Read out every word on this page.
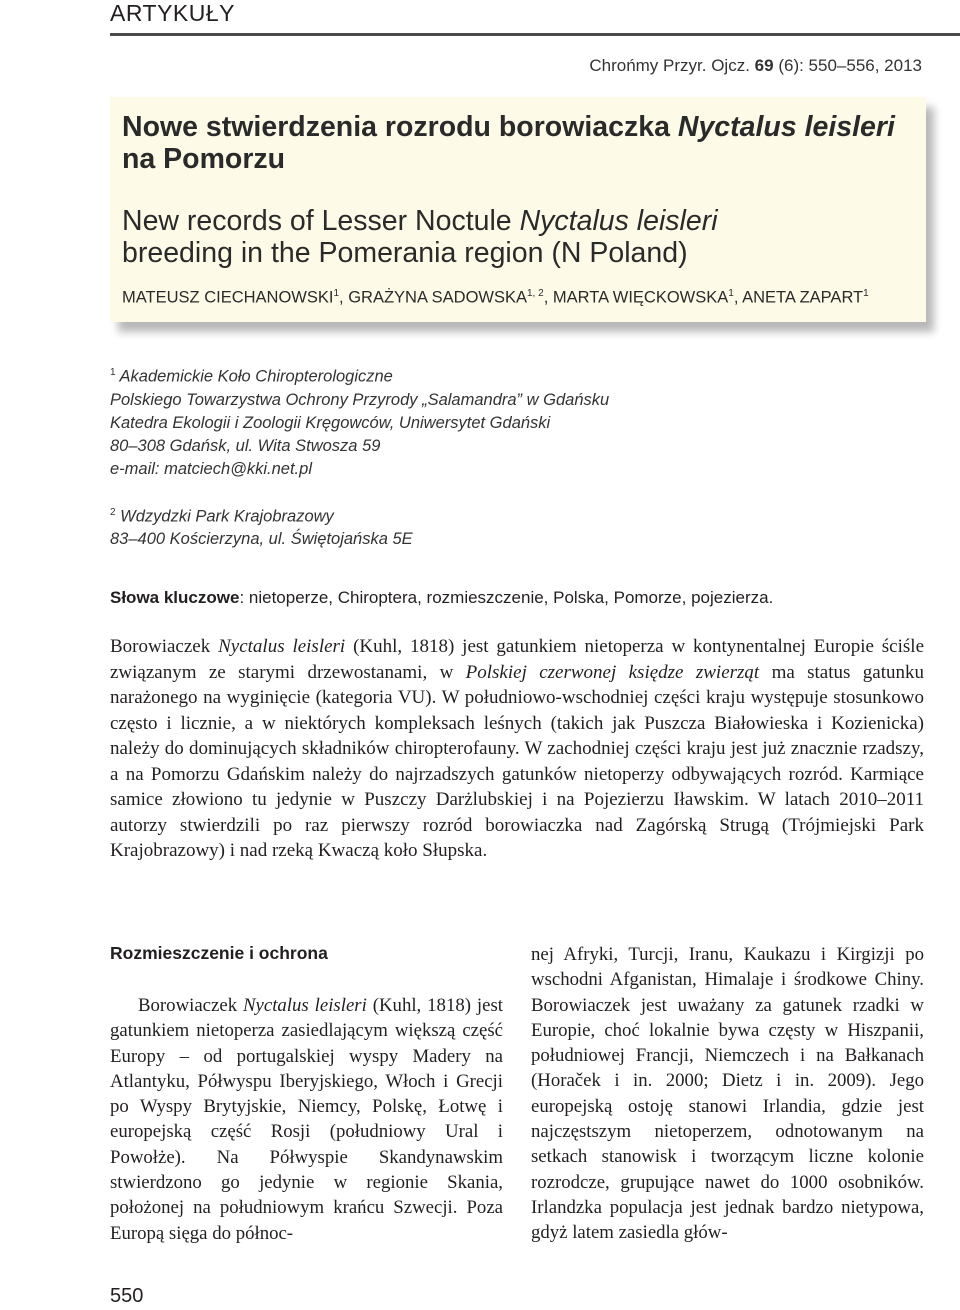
ARTYKUŁY
Chrońmy Przyr. Ojcz. 69 (6): 550–556, 2013
Nowe stwierdzenia rozrodu borowiaczka Nyctalus leisleri
na Pomorzu
New records of Lesser Noctule Nyctalus leisleri
breeding in the Pomerania region (N Poland)
MATEUSZ CIECHANOWSKI$^1$, GRAŻYNA SADOWSKA$^{1, 2}$, MARTA WIĘCKOWSKA$^1$, ANETA ZAPART$^1$
$^1$ Akademickie Koło Chiropterologiczne
Polskiego Towarzystwa Ochrony Przyrody „Salamandra” w Gdańsku
Katedra Ekologii i Zoologii Kręgowców, Uniwersytet Gdański
80–308 Gdańsk, ul. Wita Stwosza 59
e-mail: matciech@kki.net.pl
$^2$ Wdzydzki Park Krajobrazowy
83–400 Kościerzyna, ul. Świętojańska 5E
Słowa kluczowe: nietoperze, Chiroptera, rozmieszczenie, Polska, Pomorze, pojezierza.
Borowiaczek Nyctalus leisleri (Kuhl, 1818) jest gatunkiem nietoperza w kontynentalnej Europie ściśle związanym ze starymi drzewostanami, w Polskiej czerwonej księdze zwierząt ma status gatunku narażonego na wyginięcie (kategoria VU). W południowo-wschodniej części kraju występuje stosunkowo często i licznie, a w niektórych kompleksach leśnych (takich jak Puszcza Białowieska i Kozienicka) należy do dominujących składników chiropterofauny. W zachodniej części kraju jest już znacznie rzadszy, a na Pomorzu Gdańskim należy do najrzadszych gatunków nietoperzy odbywających rozród. Karmiące samice złowiono tu jedynie w Puszczy Darżlubskiej i na Pojezierzu Iławskim. W latach 2010–2011 autorzy stwierdzili po raz pierwszy rozród borowiaczka nad Zagórską Strugą (Trójmiejski Park Krajobrazowy) i nad rzeką Kwaczą koło Słupska.
Rozmieszczenie i ochrona
Borowiaczek Nyctalus leisleri (Kuhl, 1818) jest gatunkiem nietoperza zasiedlającym większą część Europy – od portugalskiej wyspy Madery na Atlantyku, Półwyspu Iberyjskiego, Włoch i Grecji po Wyspy Brytyjskie, Niemcy, Polskę, Łotwę i europejską część Rosji (południowy Ural i Powołże). Na Półwyspie Skandynawskim stwierdzono go jedynie w regionie Skania, położonej na południowym krańcu Szwecji. Poza Europą sięga do północ-
nej Afryki, Turcji, Iranu, Kaukazu i Kirgizji po wschodni Afganistan, Himalaje i środkowe Chiny. Borowiaczek jest uważany za gatunek rzadki w Europie, choć lokalnie bywa częsty w Hiszpanii, południowej Francji, Niemczech i na Bałkanach (Horaček i in. 2000; Dietz i in. 2009). Jego europejską ostoję stanowi Irlandia, gdzie jest najczęstszym nietoperzem, odnotowanym na setkach stanowisk i tworzącym liczne kolonie rozrodcze, grupujące nawet do 1000 osobników. Irlandzka populacja jest jednak bardzo nietypowa, gdyż latem zasiedla głów-
550
